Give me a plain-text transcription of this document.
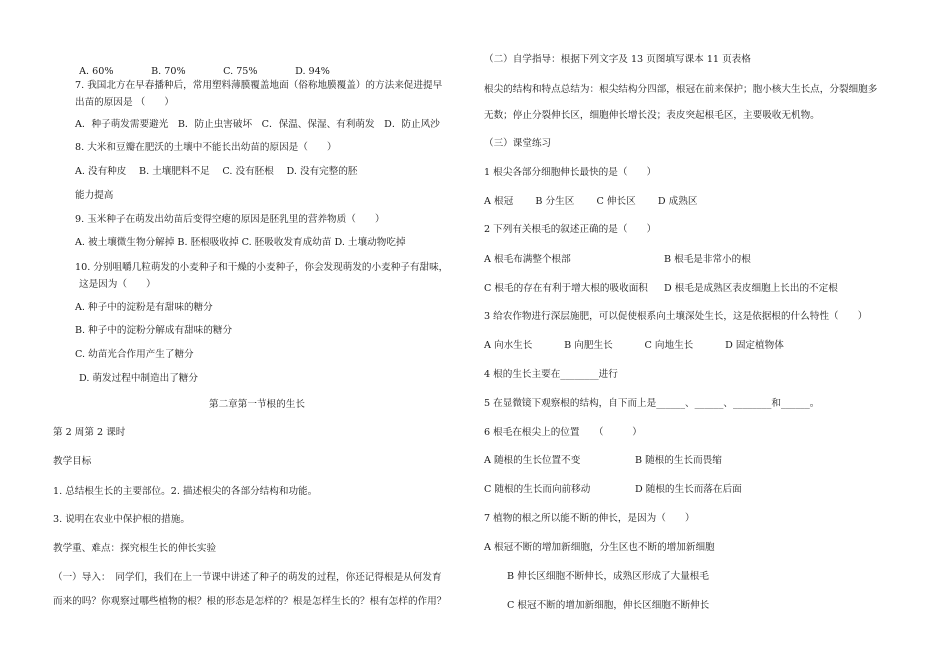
A. 60%	B. 70%	C. 75%	D. 94%

7. 我国北方在早春播种后，常用塑料薄膜覆盖地面（俗称地膜覆盖）的方法来促进提早
出苗的原因是 （　　）
A．种子萌发需要避光　B．防止虫害破坏　C．保温、保湿、有利萌发　D．防止风沙
8. 大米和豆瓣在肥沃的土壤中不能长出幼苗的原因是（　　）
A. 没有种皮　 B. 土壤肥料不足　 C. 没有胚根　 D. 没有完整的胚
能力提高
9. 玉米种子在萌发出幼苗后变得空瘪的原因是胚乳里的营养物质（　　）
A. 被土壤微生物分解掉 B. 胚根吸收掉 C. 胚吸收发育成幼苗 D. 土壤动物吃掉
10. 分别咀嚼几粒萌发的小麦种子和干燥的小麦种子，你会发现萌发的小麦种子有甜味，
这是因为（　　）
A. 种子中的淀粉是有甜味的糖分
B. 种子中的淀粉分解成有甜味的糖分
C. 幼苗光合作用产生了糖分
D. 萌发过程中制造出了糖分
第二章第一节根的生长
第 2 周第 2 课时
教学目标
1. 总结根生长的主要部位。2. 描述根尖的各部分结构和功能。
3. 说明在农业中保护根的措施。
教学重、难点：探究根生长的伸长实验
（一）导入：　同学们，我们在上一节课中讲述了种子的萌发的过程，你还记得根是从何发育
而来的吗？你观察过哪些植物的根？根的形态是怎样的？根是怎样生长的？根有怎样的作用？
（二）自学指导：根据下列文字及 13 页图填写课本 11 页表格
根尖的结构和特点总结为：根尖结构分四部，根冠在前来保护；胞小核大生长点，分裂细胞多
无数；停止分裂伸长区，细胞伸长增长没；表皮突起根毛区，主要吸收无机物。
（三）课堂练习
1 根尖各部分细胞伸长最快的是（　　）
A 根冠　　 B 分生区　　 C 伸长区　　 D 成熟区
2 下列有关根毛的叙述正确的是（　　）
A 根毛布满整个根部	B 根毛是非常小的根
C 根毛的存在有利于增大根的吸收面积 D 根毛是成熟区表皮细胞上长出的不定根
3 给农作物进行深层施肥，可以促使根系向土壤深处生长，这是依据根的什么特性（　　）
A 向水生长　　　 B 向肥生长　　　 C 向地生长　　　 D 固定植物体
4 根的生长主要在________进行
5 在显微镜下观察根的结构，自下而上是______、______、________和______。
6 根毛在根尖上的位置　　（　　　）
A 随根的生长位置不变	B 随根的生长而畏缩
C 随根的生长而向前移动	D 随根的生长而落在后面
7 植物的根之所以能不断的伸长，是因为（　　）
A 根冠不断的增加新细胞，分生区也不断的增加新细胞
B 伸长区细胞不断伸长，成熟区形成了大量根毛
C 根冠不断的增加新细胞，伸长区细胞不断伸长
